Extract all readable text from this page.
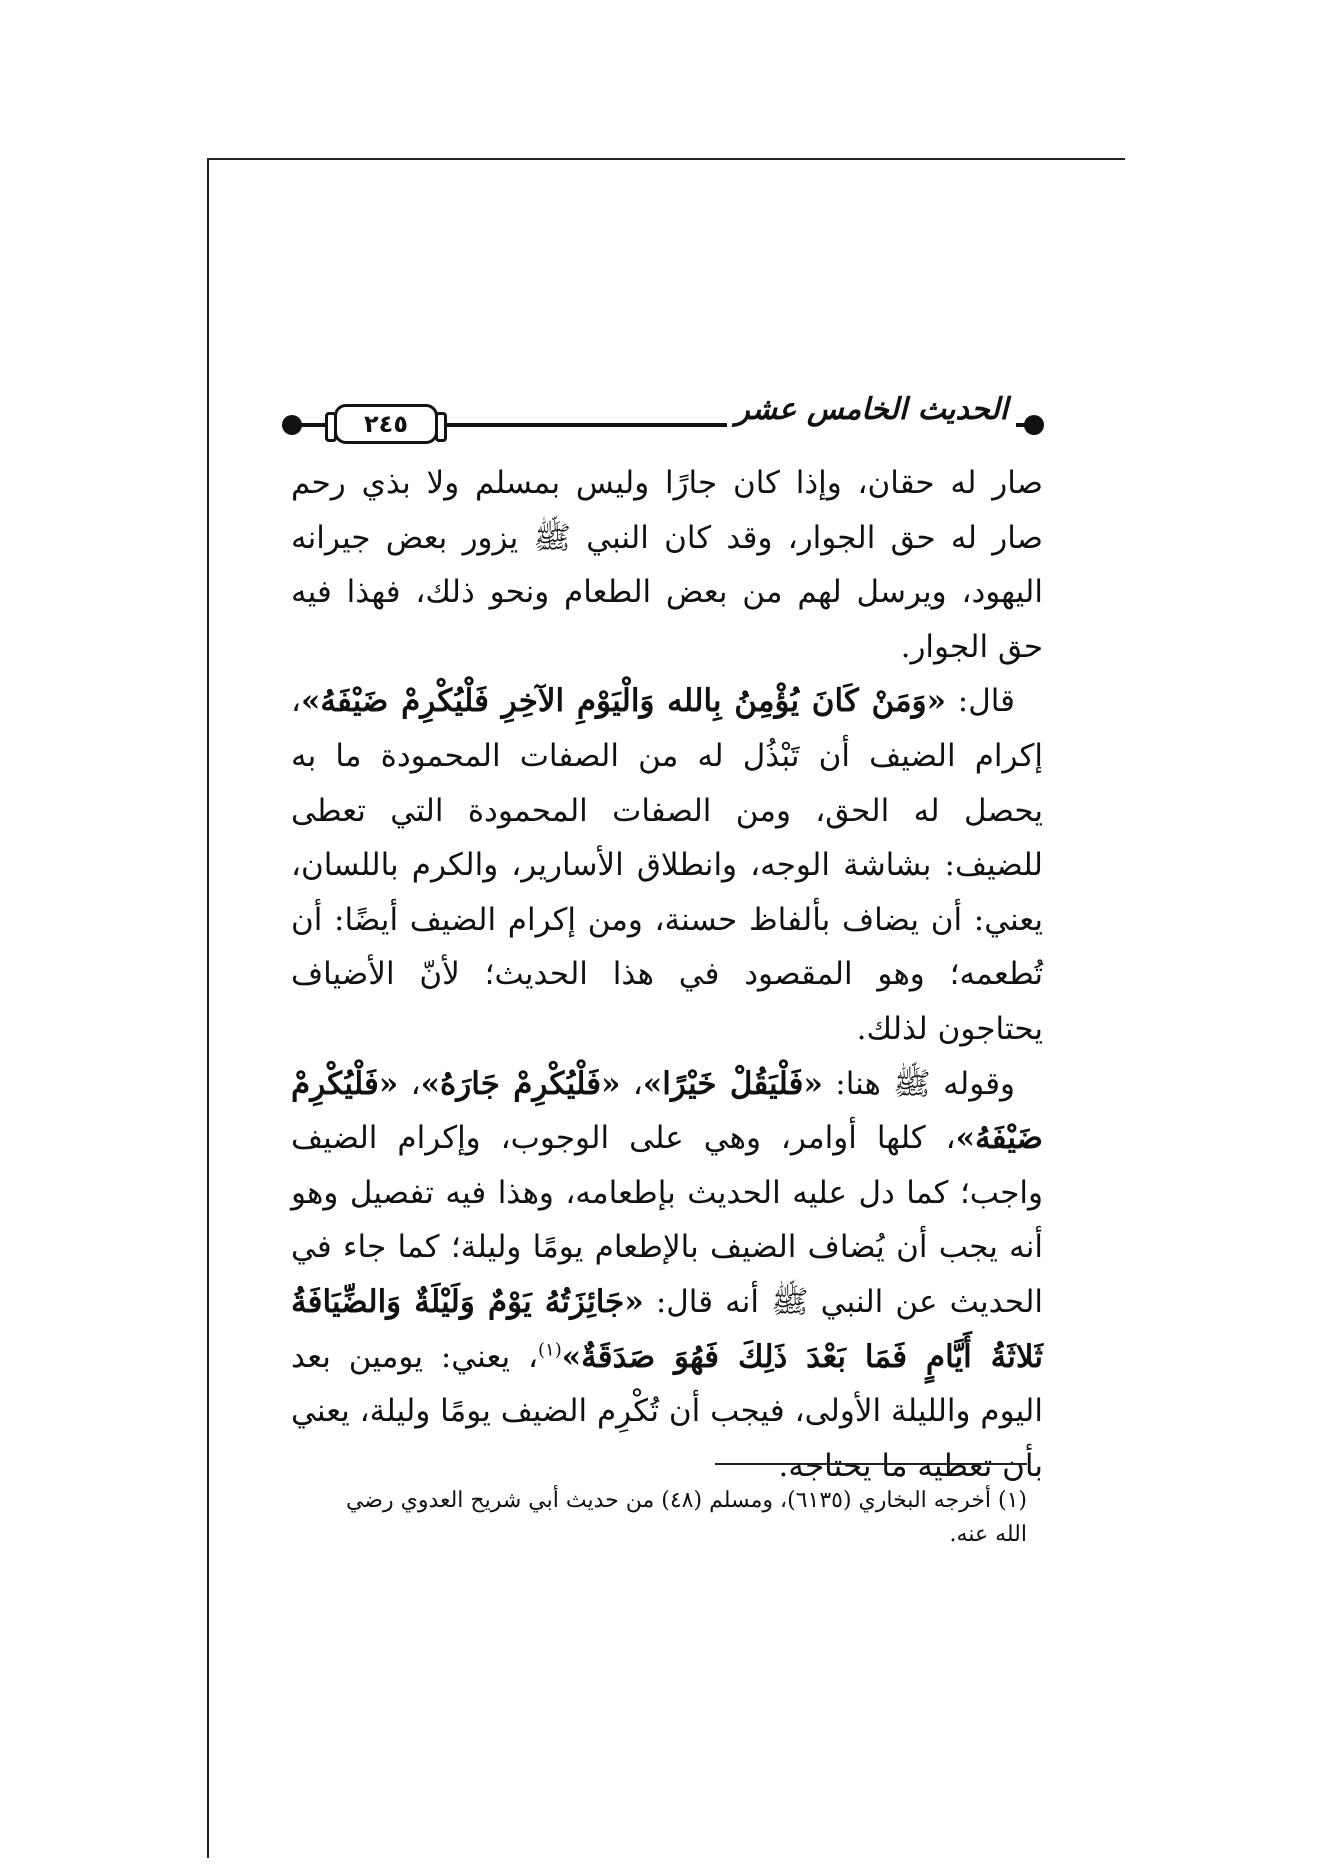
٢٤٥	الحديث الخامس عشر

صار له حقان، وإذا كان جارًا وليس بمسلم ولا بذي رحم صار له حق الجوار، وقد كان النبي ﷺ يزور بعض جيرانه اليهود، ويرسل لهم من بعض الطعام ونحو ذلك، فهذا فيه حق الجوار.

قال: «وَمَنْ كَانَ يُؤْمِنُ بِالله وَالْيَوْمِ الآخِرِ فَلْيُكْرِمْ ضَيْفَهُ»، إكرام الضيف أن تَبْذُل له من الصفات المحمودة ما به يحصل له الحق، ومن الصفات المحمودة التي تعطى للضيف: بشاشة الوجه، وانطلاق الأسارير، والكرم باللسان، يعني: أن يضاف بألفاظ حسنة، ومن إكرام الضيف أيضًا: أن تُطعمه؛ وهو المقصود في هذا الحديث؛ لأنّ الأضياف يحتاجون لذلك.

وقوله ﷺ هنا: «فَلْيَقُلْ خَيْرًا»، «فَلْيُكْرِمْ جَارَهُ»، «فَلْيُكْرِمْ ضَيْفَهُ»، كلها أوامر، وهي على الوجوب، وإكرام الضيف واجب؛ كما دل عليه الحديث بإطعامه، وهذا فيه تفصيل وهو أنه يجب أن يُضاف الضيف بالإطعام يومًا وليلة؛ كما جاء في الحديث عن النبي ﷺ أنه قال: «جَائِزَتُهُ يَوْمٌ وَلَيْلَةٌ وَالضِّيَافَةُ ثَلاثَةُ أَيَّامٍ فَمَا بَعْدَ ذَلِكَ فَهُوَ صَدَقَةٌ»$^{(١)}$، يعني: يومين بعد اليوم والليلة الأولى، فيجب أن تُكْرِم الضيف يومًا وليلة، يعني بأن تعطيه ما يحتاجه.

(١) أخرجه البخاري (٦١٣٥)، ومسلم (٤٨) من حديث أبي شريح العدوي رضي الله عنه.
